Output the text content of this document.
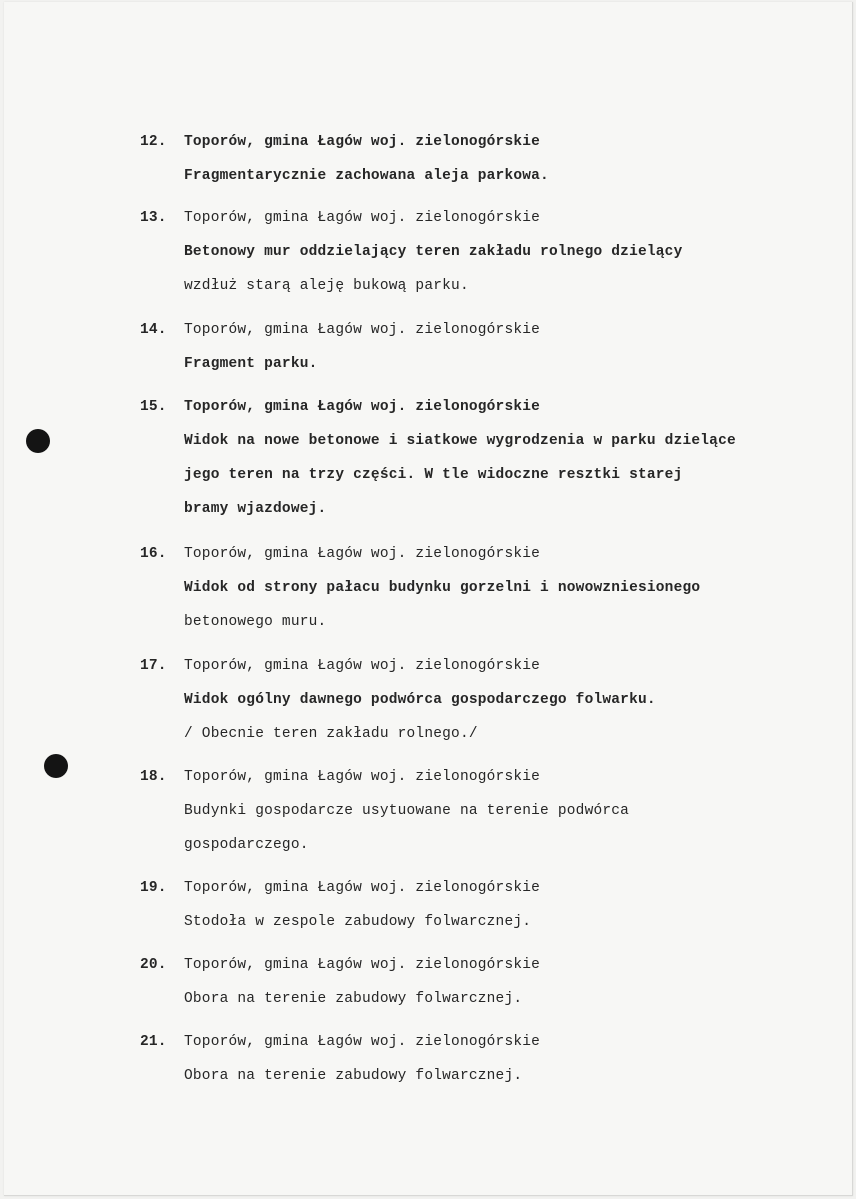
12. Toporów, gmina Łagów woj. zielonogórskie
Fragmentarycznie zachowana aleja parkowa.
13. Toporów, gmina Łagów woj. zielonogórskie
Betonowy mur oddzielający teren zakładu rolnego dzielący
wzdłuż starą aleję bukową parku.
14. Toporów, gmina Łagów woj. zielonogórskie
Fragment parku.
15. Toporów, gmina Łagów woj. zielonogórskie
Widok na nowe betonowe i siatkowe wygrodzenia w parku dzielące
jego teren na trzy części. W tle widoczne resztki starej
bramy wjazdowej.
16. Toporów, gmina Łagów woj. zielonogórskie
Widok od strony pałacu budynku gorzelni i nowowzniesionego
betonowego muru.
17. Toporów, gmina Łagów woj. zielonogórskie
Widok ogólny dawnego podwórca gospodarczego folwarku.
/ Obecnie teren zakładu rolnego./
18. Toporów, gmina Łagów woj. zielonogórskie
Budynki gospodarcze usytuowane na terenie podwórca
gospodarczego.
19. Toporów, gmina Łagów woj. zielonogórskie
Stodoła w zespole zabudowy folwarcznej.
20. Toporów, gmina Łagów woj. zielonogórskie
Obora na terenie zabudowy folwarcznej.
21. Toporów, gmina Łagów woj. zielonogórskie
Obora na terenie zabudowy folwarcznej.
